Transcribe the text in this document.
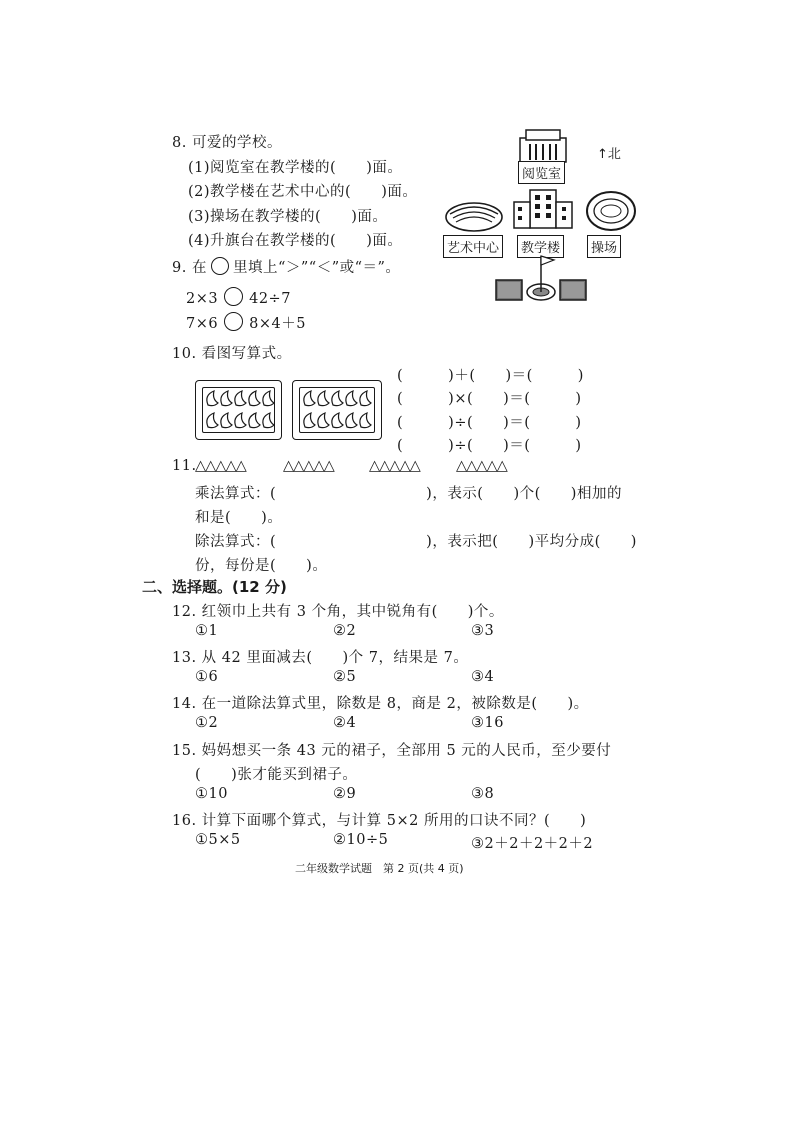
8. 可爱的学校。
(1)阅览室在教学楼的(　　)面。
(2)教学楼在艺术中心的(　　)面。
(3)操场在教学楼的(　　)面。
(4)升旗台在教学楼的(　　)面。
阅览室
↑北
艺术中心	教学楼	操场
9. 在 里填上“＞”“＜”或“＝”。
2×3 42÷7
7×6 8×4＋5
10. 看图写算式。
(　　　)＋(　　)＝(　　　)
(　　　)×(　　)＝(　　　)
(　　　)÷(　　)＝(　　　)
(　　　)÷(　　)＝(　　　)
11.
△△△△△	△△△△△ △△△△△ △△△△△
乘法算式：(　　　　　　　　　　)，表示(　　)个(　　)相加的
和是(　　)。
除法算式：(　　　　　　　　　　)，表示把(　　)平均分成(　　)
份，每份是(　　)。
二、选择题。(12 分)
12. 红领巾上共有 3 个角，其中锐角有(　　)个。
①1	②2	③3
13. 从 42 里面减去(　　)个 7，结果是 7。
①6	②5	③4
14. 在一道除法算式里，除数是 8，商是 2，被除数是(　　)。
①2	②4	③16
15. 妈妈想买一条 43 元的裙子，全部用 5 元的人民币，至少要付
(　　)张才能买到裙子。
①10	②9	③8
16. 计算下面哪个算式，与计算 5×2 所用的口诀不同？(　　)
①5×5	②10÷5	③2＋2＋2＋2＋2
二年级数学试题　第 2 页(共 4 页)
